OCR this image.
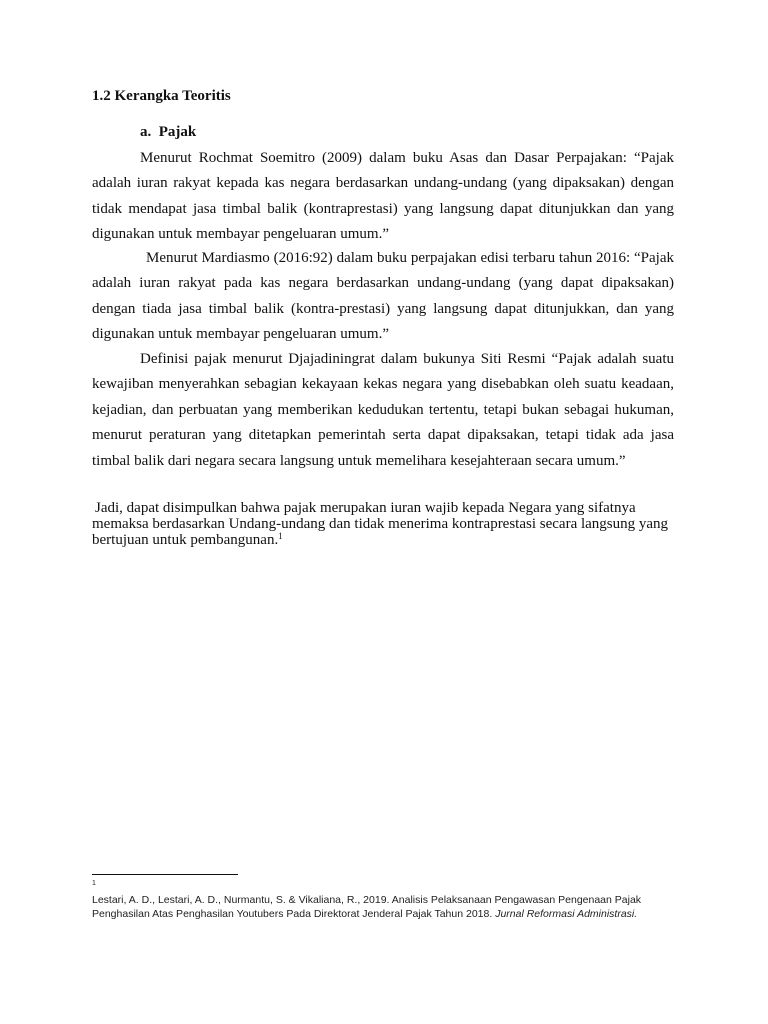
1.2 Kerangka Teoritis
a. Pajak

Menurut Rochmat Soemitro (2009) dalam buku Asas dan Dasar Perpajakan: “Pajak adalah iuran rakyat kepada kas negara berdasarkan undang-undang (yang dipaksakan) dengan tidak mendapat jasa timbal balik (kontraprestasi) yang langsung dapat ditunjukkan dan yang digunakan untuk membayar pengeluaran umum.”

Menurut Mardiasmo (2016:92) dalam buku perpajakan edisi terbaru tahun 2016: “Pajak adalah iuran rakyat pada kas negara berdasarkan undang-undang (yang dapat dipaksakan) dengan tiada jasa timbal balik (kontra-prestasi) yang langsung dapat ditunjukkan, dan yang digunakan untuk membayar pengeluaran umum.”

Definisi pajak menurut Djajadiningrat dalam bukunya Siti Resmi “Pajak adalah suatu kewajiban menyerahkan sebagian kekayaan kekas negara yang disebabkan oleh suatu keadaan, kejadian, dan perbuatan yang memberikan kedudukan tertentu, tetapi bukan sebagai hukuman, menurut peraturan yang ditetapkan pemerintah serta dapat dipaksakan, tetapi tidak ada jasa timbal balik dari negara secara langsung untuk memelihara kesejahteraan secara umum.”

Jadi, dapat disimpulkan bahwa pajak merupakan iuran wajib kepada Negara yang sifatnya memaksa berdasarkan Undang-undang dan tidak menerima kontraprestasi secara langsung yang bertujuan untuk pembangunan.$^1$

1

Lestari, A. D., Lestari, A. D., Nurmantu, S. & Vikaliana, R., 2019. Analisis Pelaksanaan Pengawasan Pengenaan Pajak Penghasilan Atas Penghasilan Youtubers Pada Direktorat Jenderal Pajak Tahun 2018. Jurnal Reformasi Administrasi.
